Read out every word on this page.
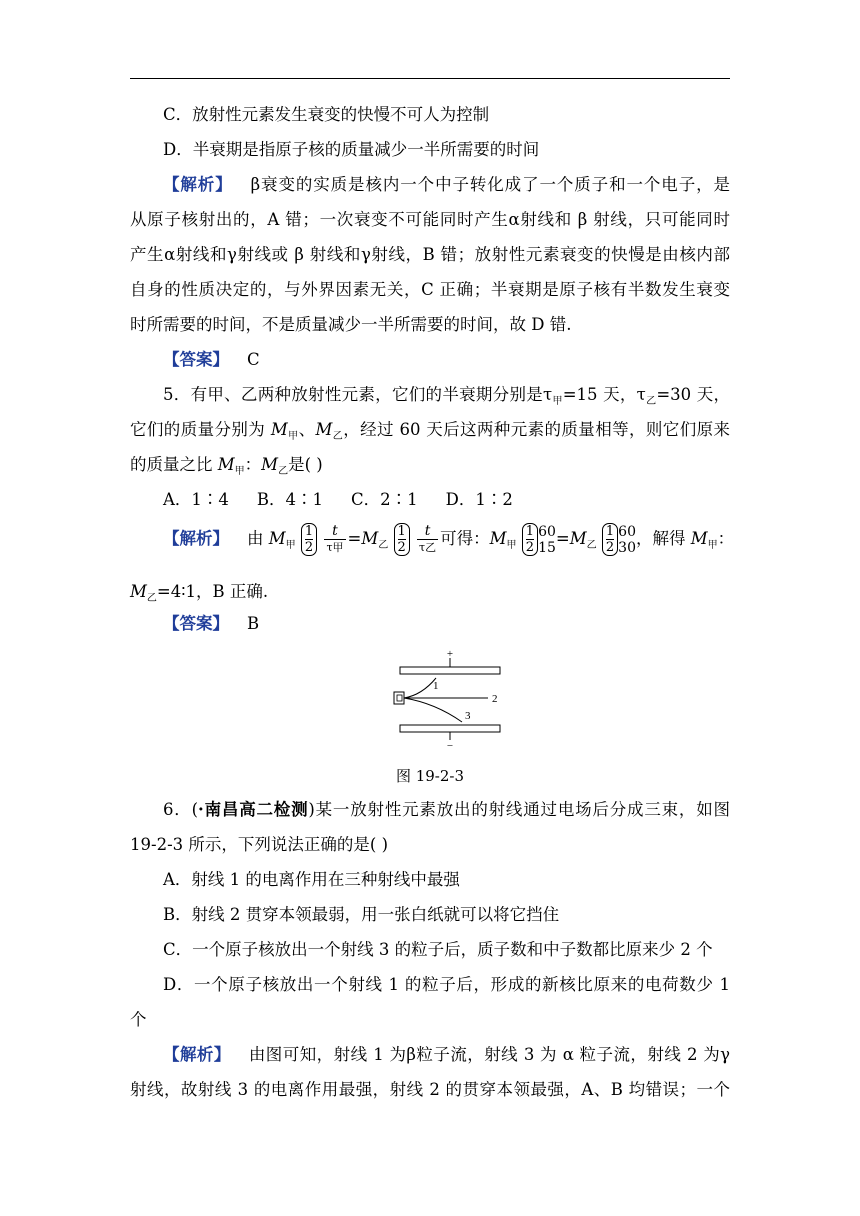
C．放射性元素发生衰变的快慢不可人为控制
D．半衰期是指原子核的质量减少一半所需要的时间
【解析】 β衰变的实质是核内一个中子转化成了一个质子和一个电子，是
从原子核射出的，A 错；一次衰变不可能同时产生α射线和 β 射线，只可能同时
产生α射线和γ射线或 β 射线和γ射线，B 错；放射性元素衰变的快慢是由核内部
自身的性质决定的，与外界因素无关，C 正确；半衰期是原子核有半数发生衰变
时所需要的时间，不是质量减少一半所需要的时间，故 D 错.
【答案】 C
5．有甲、乙两种放射性元素，它们的半衰期分别是$\tau_甲=15$ 天，$\tau_乙=30$ 天，
它们的质量分别为 $M_甲$、$M_乙$，经过 60 天后这两种元素的质量相等，则它们原来
的质量之比 $M_甲$：$M_乙$是( )
A．1∶4 B．4∶1 C．2∶1 D．1∶2
【解析】 由 $M_甲 \frac{1}{2}$
$\frac{t}{\text{τ甲}} =M_乙 \frac{1}{2}$
$\frac{t}{\text{τ乙}}$ 可得：$M_甲 \frac{1}{2} 60$
$15 =M_乙 \frac{1}{2} 60$
30 ，解得 $M_甲$：
$M_乙=4∶1$，B 正确.
【答案】 B
+
1
2
3
−
图 19-2-3
6．(·南昌高二检测)某一放射性元素放出的射线通过电场后分成三束，如图
19-2-3 所示，下列说法正确的是( )
A．射线 1 的电离作用在三种射线中最强
B．射线 2 贯穿本领最弱，用一张白纸就可以将它挡住
C．一个原子核放出一个射线 3 的粒子后，质子数和中子数都比原来少 2 个
D．一个原子核放出一个射线 1 的粒子后，形成的新核比原来的电荷数少 1
个
【解析】 由图可知，射线 1 为β粒子流，射线 3 为 α 粒子流，射线 2 为γ
射线，故射线 3 的电离作用最强，射线 2 的贯穿本领最强，A、B 均错误；一个
